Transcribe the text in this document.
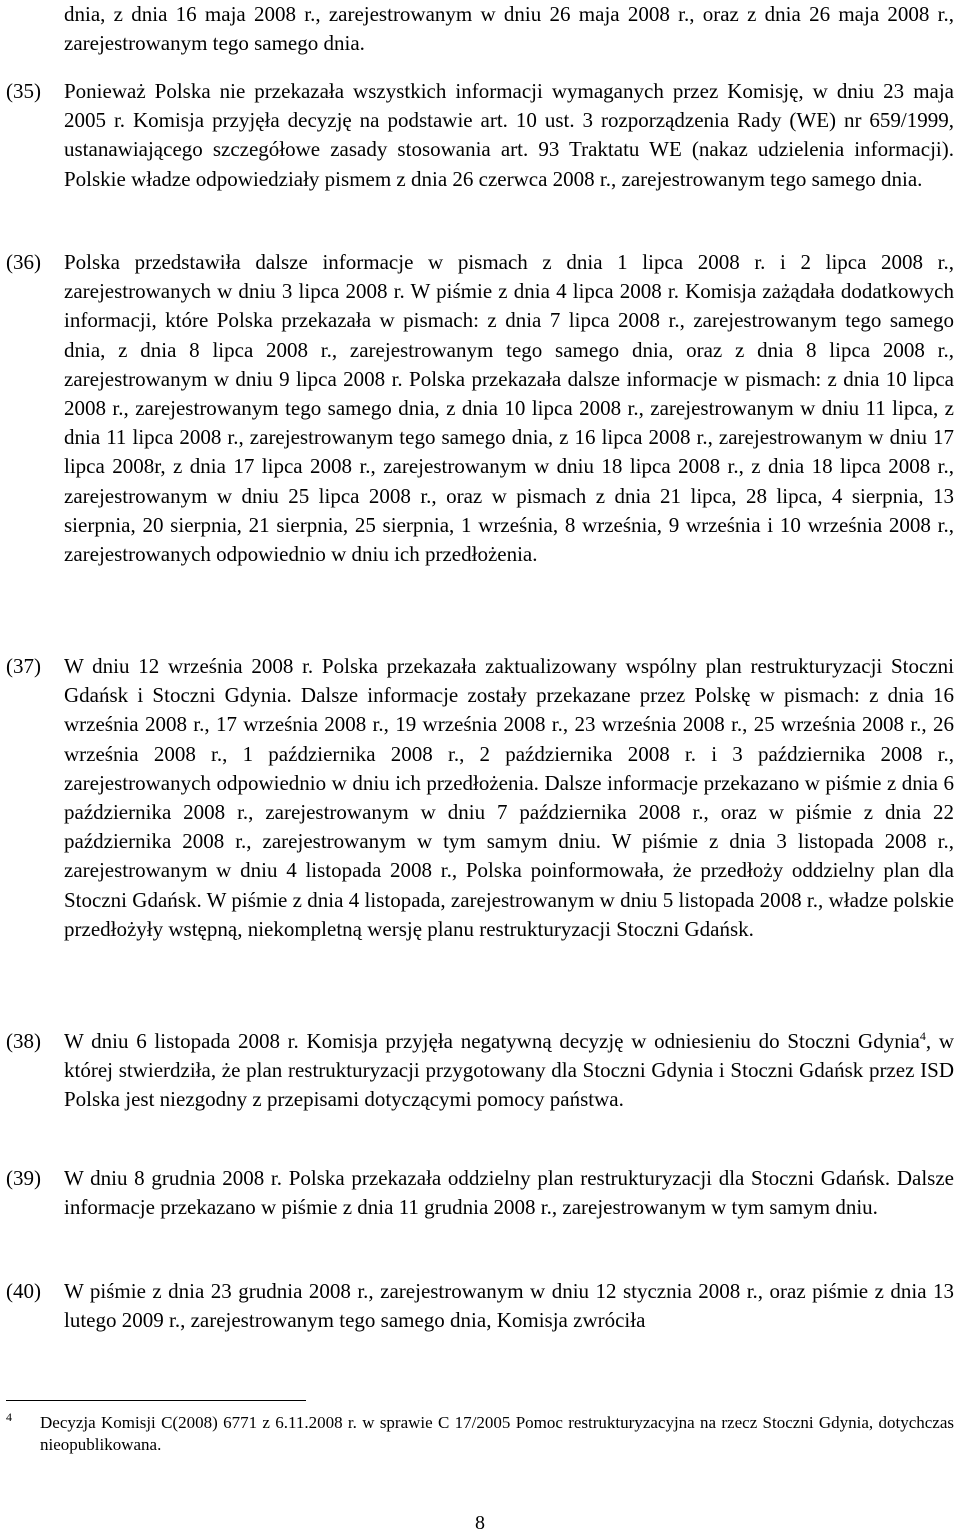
dnia, z dnia 16 maja 2008 r., zarejestrowanym w dniu 26 maja 2008 r., oraz z dnia 26 maja 2008 r., zarejestrowanym tego samego dnia.

(35)	Ponieważ Polska nie przekazała wszystkich informacji wymaganych przez Komisję, w dniu 23 maja 2005 r. Komisja przyjęła decyzję na podstawie art. 10 ust. 3 rozporządzenia Rady (WE) nr 659/1999, ustanawiającego szczegółowe zasady stosowania art. 93 Traktatu WE (nakaz udzielenia informacji). Polskie władze odpowiedziały pismem z dnia 26 czerwca 2008 r., zarejestrowanym tego samego dnia.
(36)	Polska przedstawiła dalsze informacje w pismach z dnia 1 lipca 2008 r. i 2 lipca 2008 r., zarejestrowanych w dniu 3 lipca 2008 r. W piśmie z dnia 4 lipca 2008 r. Komisja zażądała dodatkowych informacji, które Polska przekazała w pismach: z dnia 7 lipca 2008 r., zarejestrowanym tego samego dnia, z dnia 8 lipca 2008 r., zarejestrowanym tego samego dnia, oraz z dnia 8 lipca 2008 r., zarejestrowanym w dniu 9 lipca 2008 r. Polska przekazała dalsze informacje w pismach: z dnia 10 lipca 2008 r., zarejestrowanym tego samego dnia, z dnia 10 lipca 2008 r., zarejestrowanym w dniu 11 lipca, z dnia 11 lipca 2008 r., zarejestrowanym tego samego dnia, z 16 lipca 2008 r., zarejestrowanym w dniu 17 lipca 2008r, z dnia 17 lipca 2008 r., zarejestrowanym w dniu 18 lipca 2008 r., z dnia 18 lipca 2008 r., zarejestrowanym w dniu 25 lipca 2008 r., oraz w pismach z dnia 21 lipca, 28 lipca, 4 sierpnia, 13 sierpnia, 20 sierpnia, 21 sierpnia, 25 sierpnia, 1 września, 8 września, 9 września i 10 września 2008 r., zarejestrowanych odpowiednio w dniu ich przedłożenia.
(37)	W dniu 12 września 2008 r. Polska przekazała zaktualizowany wspólny plan restrukturyzacji Stoczni Gdańsk i Stoczni Gdynia. Dalsze informacje zostały przekazane przez Polskę w pismach: z dnia 16 września 2008 r., 17 września 2008 r., 19 września 2008 r., 23 września 2008 r., 25 września 2008 r., 26 września 2008 r., 1 października 2008 r., 2 października 2008 r. i 3 października 2008 r., zarejestrowanych odpowiednio w dniu ich przedłożenia. Dalsze informacje przekazano w piśmie z dnia 6 października 2008 r., zarejestrowanym w dniu 7 października 2008 r., oraz w piśmie z dnia 22 października 2008 r., zarejestrowanym w tym samym dniu. W piśmie z dnia 3 listopada 2008 r., zarejestrowanym w dniu 4 listopada 2008 r., Polska poinformowała, że przedłoży oddzielny plan dla Stoczni Gdańsk. W piśmie z dnia 4 listopada, zarejestrowanym w dniu 5 listopada 2008 r., władze polskie przedłożyły wstępną, niekompletną wersję planu restrukturyzacji Stoczni Gdańsk.
(38)	W dniu 6 listopada 2008 r. Komisja przyjęła negatywną decyzję w odniesieniu do Stoczni Gdynia$^4$, w której stwierdziła, że plan restrukturyzacji przygotowany dla Stoczni Gdynia i Stoczni Gdańsk przez ISD Polska jest niezgodny z przepisami dotyczącymi pomocy państwa.
(39)	W dniu 8 grudnia 2008 r. Polska przekazała oddzielny plan restrukturyzacji dla Stoczni Gdańsk. Dalsze informacje przekazano w piśmie z dnia 11 grudnia 2008 r., zarejestrowanym w tym samym dniu.
(40)	W piśmie z dnia 23 grudnia 2008 r., zarejestrowanym w dniu 12 stycznia 2008 r., oraz piśmie z dnia 13 lutego 2009 r., zarejestrowanym tego samego dnia, Komisja zwróciła
4 Decyzja Komisji C(2008) 6771 z 6.11.2008 r. w sprawie C 17/2005 Pomoc restrukturyzacyjna na rzecz Stoczni Gdynia, dotychczas nieopublikowana.
8
